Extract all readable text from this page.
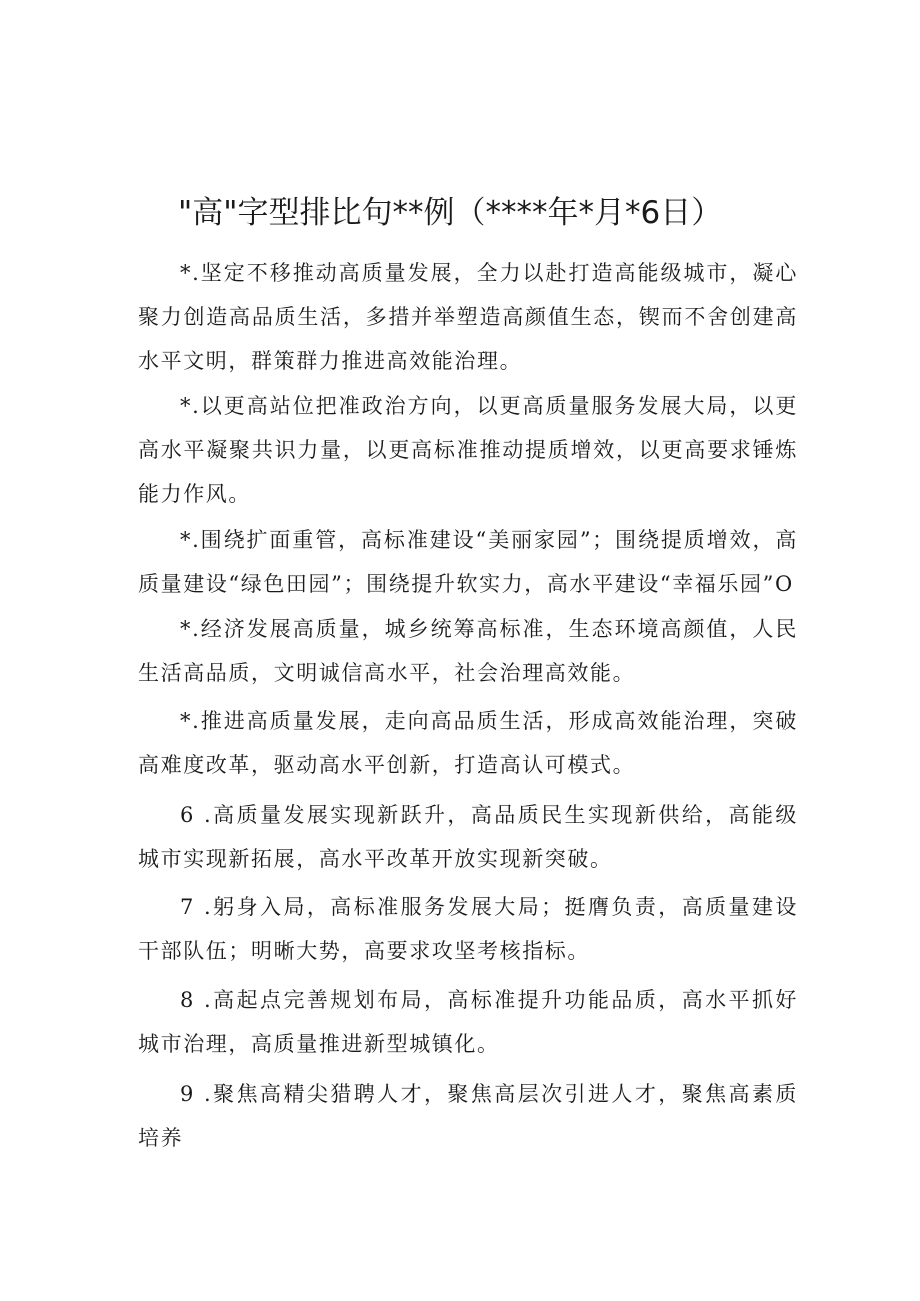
"高"字型排比句**例（****年*月*6日）

*.坚定不移推动高质量发展，全力以赴打造高能级城市，凝心聚力创造高品质生活，多措并举塑造高颜值生态，锲而不舍创建高水平文明，群策群力推进高效能治理。

*.以更高站位把准政治方向，以更高质量服务发展大局，以更高水平凝聚共识力量，以更高标准推动提质增效，以更高要求锤炼能力作风。

*.围绕扩面重管，高标准建设“美丽家园”；围绕提质增效，高质量建设“绿色田园”；围绕提升软实力，高水平建设“幸福乐园”O

*.经济发展高质量，城乡统筹高标准，生态环境高颜值，人民生活高品质，文明诚信高水平，社会治理高效能。

*.推进高质量发展，走向高品质生活，形成高效能治理，突破高难度改革，驱动高水平创新，打造高认可模式。

6 .高质量发展实现新跃升，高品质民生实现新供给，高能级城市实现新拓展，高水平改革开放实现新突破。

7 .躬身入局，高标准服务发展大局；挺膺负责，高质量建设干部队伍；明晰大势，高要求攻坚考核指标。

8 .高起点完善规划布局，高标准提升功能品质，高水平抓好城市治理，高质量推进新型城镇化。

9 .聚焦高精尖猎聘人才，聚焦高层次引进人才，聚焦高素质培养
